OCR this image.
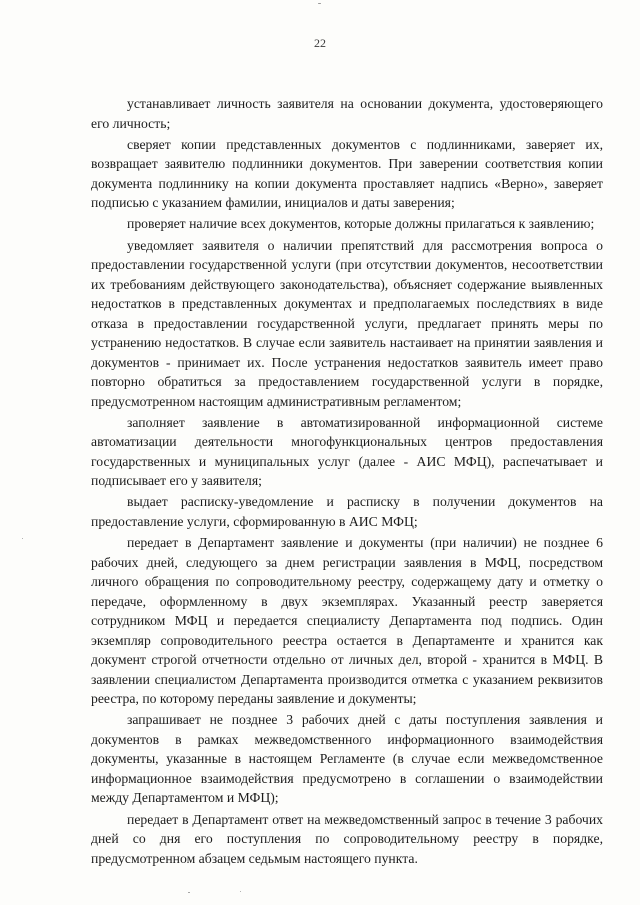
22

устанавливает личность заявителя на основании документа, удостоверяющего его личность;

сверяет копии представленных документов с подлинниками, заверяет их, возвращает заявителю подлинники документов. При заверении соответствия копии документа подлиннику на копии документа проставляет надпись «Верно», заверяет подписью с указанием фамилии, инициалов и даты заверения;

проверяет наличие всех документов, которые должны прилагаться к заявлению;

уведомляет заявителя о наличии препятствий для рассмотрения вопроса о предоставлении государственной услуги (при отсутствии документов, несоответствии их требованиям действующего законодательства), объясняет содержание выявленных недостатков в представленных документах и предполагаемых последствиях в виде отказа в предоставлении государственной услуги, предлагает принять меры по устранению недостатков. В случае если заявитель настаивает на принятии заявления и документов - принимает их. После устранения недостатков заявитель имеет право повторно обратиться за предоставлением государственной услуги в порядке, предусмотренном настоящим административным регламентом;

заполняет заявление в автоматизированной информационной системе автоматизации деятельности многофункциональных центров предоставления государственных и муниципальных услуг (далее - АИС МФЦ), распечатывает и подписывает его у заявителя;

выдает расписку-уведомление и расписку в получении документов на предоставление услуги, сформированную в АИС МФЦ;

передает в Департамент заявление и документы (при наличии) не позднее 6 рабочих дней, следующего за днем регистрации заявления в МФЦ, посредством личного обращения по сопроводительному реестру, содержащему дату и отметку о передаче, оформленному в двух экземплярах. Указанный реестр заверяется сотрудником МФЦ и передается специалисту Департамента под подпись. Один экземпляр сопроводительного реестра остается в Департаменте и хранится как документ строгой отчетности отдельно от личных дел, второй - хранится в МФЦ. В заявлении специалистом Департамента производится отметка с указанием реквизитов реестра, по которому переданы заявление и документы;

запрашивает не позднее 3 рабочих дней с даты поступления заявления и документов в рамках межведомственного информационного взаимодействия документы, указанные в настоящем Регламенте (в случае если межведомственное информационное взаимодействия предусмотрено в соглашении о взаимодействии между Департаментом и МФЦ);

передает в Департамент ответ на межведомственный запрос в течение 3 рабочих дней со дня его поступления по сопроводительному реестру в порядке, предусмотренном абзацем седьмым настоящего пункта.
